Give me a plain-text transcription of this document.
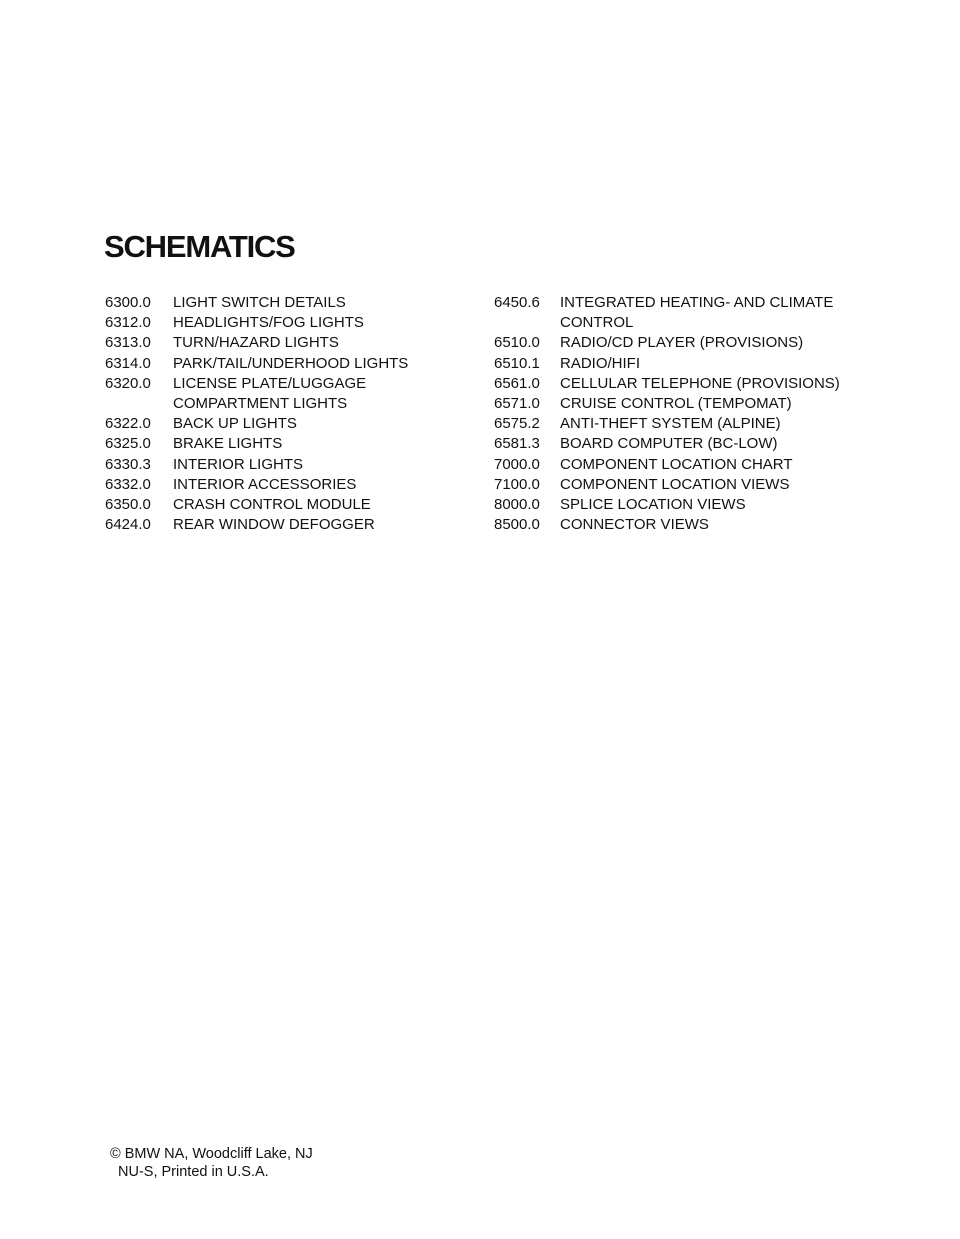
SCHEMATICS
6300.0	LIGHT SWITCH DETAILS
6312.0	HEADLIGHTS/FOG LIGHTS
6313.0	TURN/HAZARD LIGHTS
6314.0	PARK/TAIL/UNDERHOOD LIGHTS
6320.0	LICENSE PLATE/LUGGAGE
COMPARTMENT LIGHTS
6322.0	BACK UP LIGHTS
6325.0	BRAKE LIGHTS
6330.3	INTERIOR LIGHTS
6332.0	INTERIOR ACCESSORIES
6350.0	CRASH CONTROL MODULE
6424.0	REAR WINDOW DEFOGGER
6450.6	INTEGRATED HEATING- AND CLIMATE
CONTROL
6510.0	RADIO/CD PLAYER (PROVISIONS)
6510.1	RADIO/HIFI
6561.0	CELLULAR TELEPHONE (PROVISIONS)
6571.0	CRUISE CONTROL (TEMPOMAT)
6575.2	ANTI-THEFT SYSTEM (ALPINE)
6581.3	BOARD COMPUTER (BC-LOW)
7000.0	COMPONENT LOCATION CHART
7100.0	COMPONENT LOCATION VIEWS
8000.0	SPLICE LOCATION VIEWS
8500.0	CONNECTOR VIEWS
© BMW NA, Woodcliff Lake, NJ
NU-S, Printed in U.S.A.
